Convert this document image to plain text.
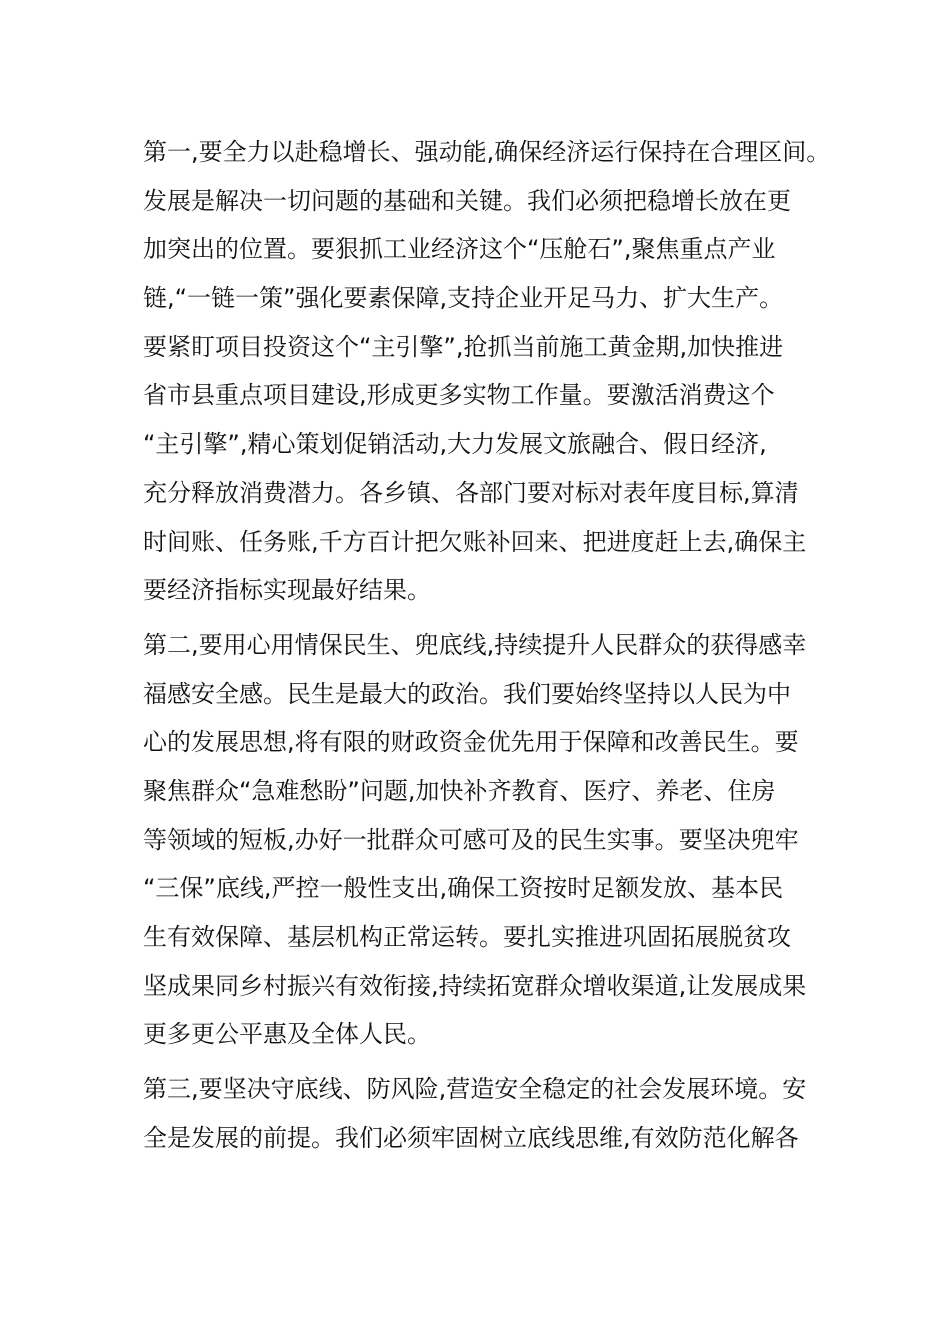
第一,要全力以赴稳增长、强动能,确保经济运行保持在合理区间。
发展是解决一切问题的基础和关键。我们必须把稳增长放在更
加突出的位置。要狠抓工业经济这个“压舱石”,聚焦重点产业
链,“一链一策”强化要素保障,支持企业开足马力、扩大生产。
要紧盯项目投资这个“主引擎”,抢抓当前施工黄金期,加快推进
省市县重点项目建设,形成更多实物工作量。要激活消费这个
“主引擎”,精心策划促销活动,大力发展文旅融合、假日经济,
充分释放消费潜力。各乡镇、各部门要对标对表年度目标,算清
时间账、任务账,千方百计把欠账补回来、把进度赶上去,确保主
要经济指标实现最好结果。
第二,要用心用情保民生、兜底线,持续提升人民群众的获得感幸
福感安全感。民生是最大的政治。我们要始终坚持以人民为中
心的发展思想,将有限的财政资金优先用于保障和改善民生。要
聚焦群众“急难愁盼”问题,加快补齐教育、医疗、养老、住房
等领域的短板,办好一批群众可感可及的民生实事。要坚决兜牢
“三保”底线,严控一般性支出,确保工资按时足额发放、基本民
生有效保障、基层机构正常运转。要扎实推进巩固拓展脱贫攻
坚成果同乡村振兴有效衔接,持续拓宽群众增收渠道,让发展成果
更多更公平惠及全体人民。
第三,要坚决守底线、防风险,营造安全稳定的社会发展环境。安
全是发展的前提。我们必须牢固树立底线思维,有效防范化解各
